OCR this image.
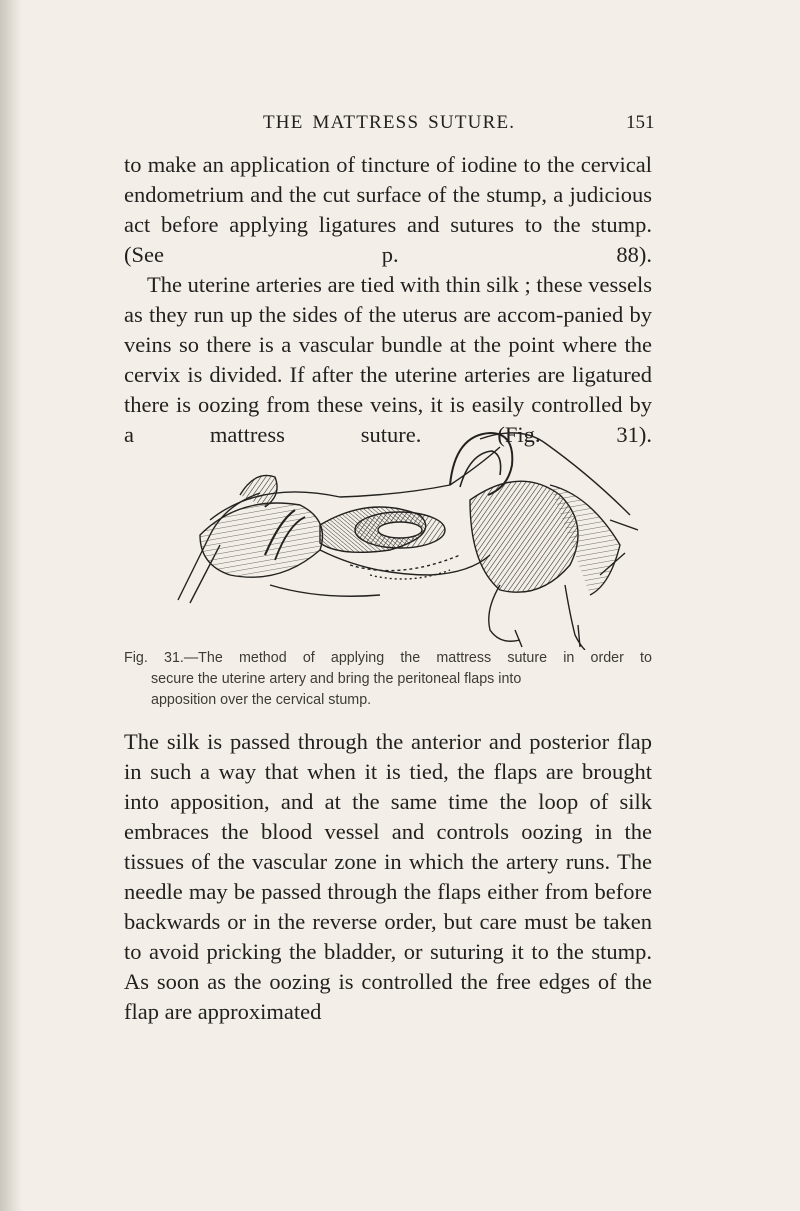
THE MATTRESS SUTURE.	151

to make an application of tincture of iodine to the cervical endometrium and the cut surface of the stump, a judicious act before applying ligatures and sutures to the stump. (See p. 88).

The uterine arteries are tied with thin silk ; these vessels as they run up the sides of the uterus are accom-panied by veins so there is a vascular bundle at the point where the cervix is divided. If after the uterine arteries are ligatured there is oozing from these veins, it is easily controlled by a mattress suture. (Fig. 31).

Fig. 31.—The method of applying the mattress suture in order to
secure the uterine artery and bring the peritoneal flaps into
apposition over the cervical stump.

The silk is passed through the anterior and posterior flap in such a way that when it is tied, the flaps are brought into apposition, and at the same time the loop of silk embraces the blood vessel and controls oozing in the tissues of the vascular zone in which the artery runs. The needle may be passed through the flaps either from before backwards or in the reverse order, but care must be taken to avoid pricking the bladder, or suturing it to the stump. As soon as the oozing is controlled the free edges of the flap are approximated
